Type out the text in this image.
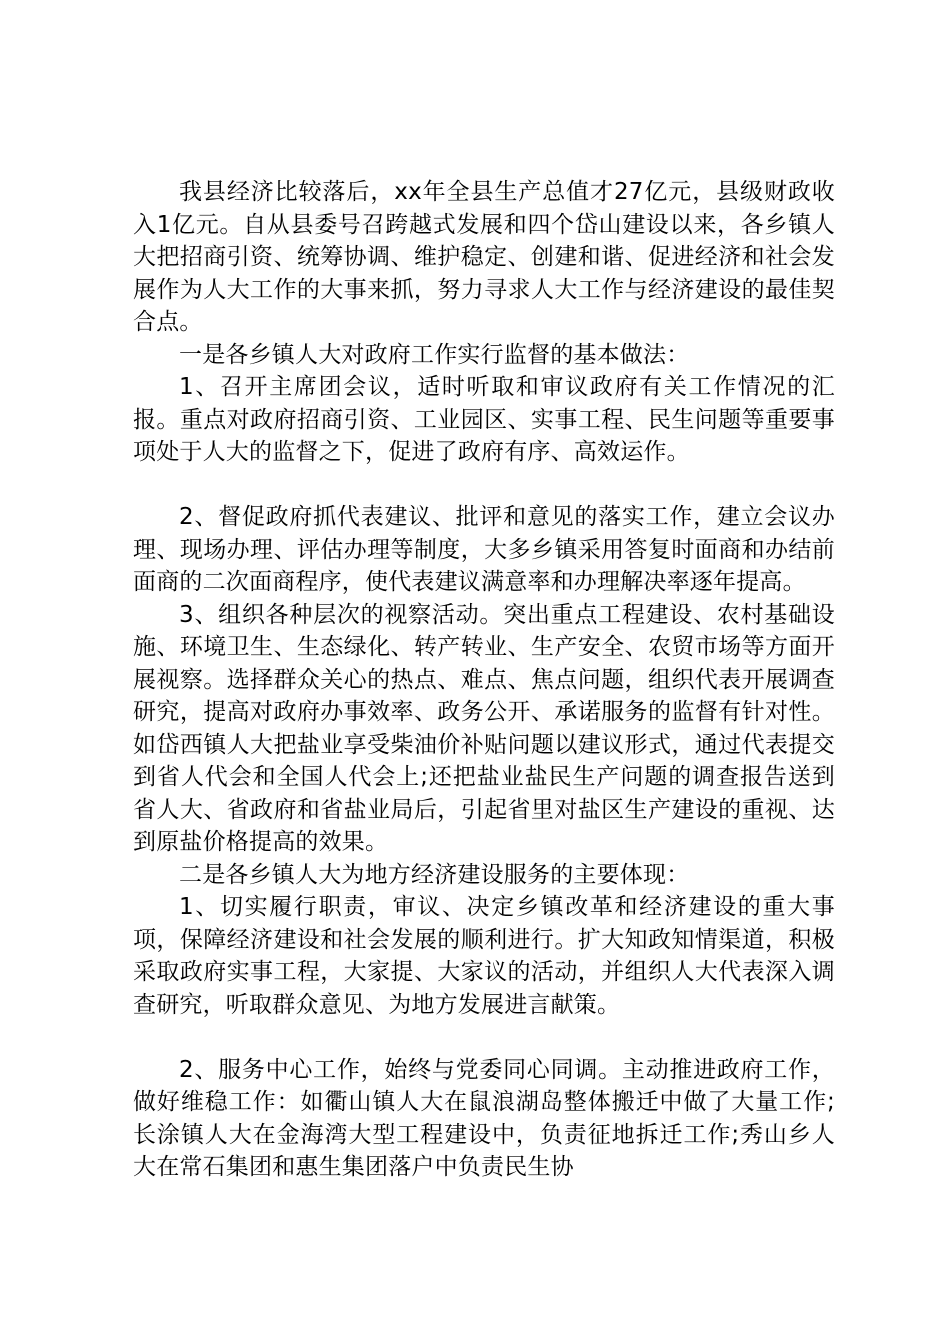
我县经济比较落后，xx年全县生产总值才27亿元，县级财政收入1亿元。自从县委号召跨越式发展和四个岱山建设以来，各乡镇人大把招商引资、统筹协调、维护稳定、创建和谐、促进经济和社会发展作为人大工作的大事来抓，努力寻求人大工作与经济建设的最佳契合点。

一是各乡镇人大对政府工作实行监督的基本做法：

1、召开主席团会议，适时听取和审议政府有关工作情况的汇报。重点对政府招商引资、工业园区、实事工程、民生问题等重要事项处于人大的监督之下，促进了政府有序、高效运作。

2、督促政府抓代表建议、批评和意见的落实工作，建立会议办理、现场办理、评估办理等制度，大多乡镇采用答复时面商和办结前面商的二次面商程序，使代表建议满意率和办理解决率逐年提高。

3、组织各种层次的视察活动。突出重点工程建设、农村基础设施、环境卫生、生态绿化、转产转业、生产安全、农贸市场等方面开展视察。选择群众关心的热点、难点、焦点问题，组织代表开展调查研究，提高对政府办事效率、政务公开、承诺服务的监督有针对性。如岱西镇人大把盐业享受柴油价补贴问题以建议形式，通过代表提交到省人代会和全国人代会上;还把盐业盐民生产问题的调查报告送到省人大、省政府和省盐业局后，引起省里对盐区生产建设的重视、达到原盐价格提高的效果。

二是各乡镇人大为地方经济建设服务的主要体现：

1、切实履行职责，审议、决定乡镇改革和经济建设的重大事项，保障经济建设和社会发展的顺利进行。扩大知政知情渠道，积极采取政府实事工程，大家提、大家议的活动，并组织人大代表深入调查研究，听取群众意见、为地方发展进言献策。

2、服务中心工作，始终与党委同心同调。主动推进政府工作，做好维稳工作：如衢山镇人大在鼠浪湖岛整体搬迁中做了大量工作;长涂镇人大在金海湾大型工程建设中，负责征地拆迁工作;秀山乡人大在常石集团和惠生集团落户中负责民生协
